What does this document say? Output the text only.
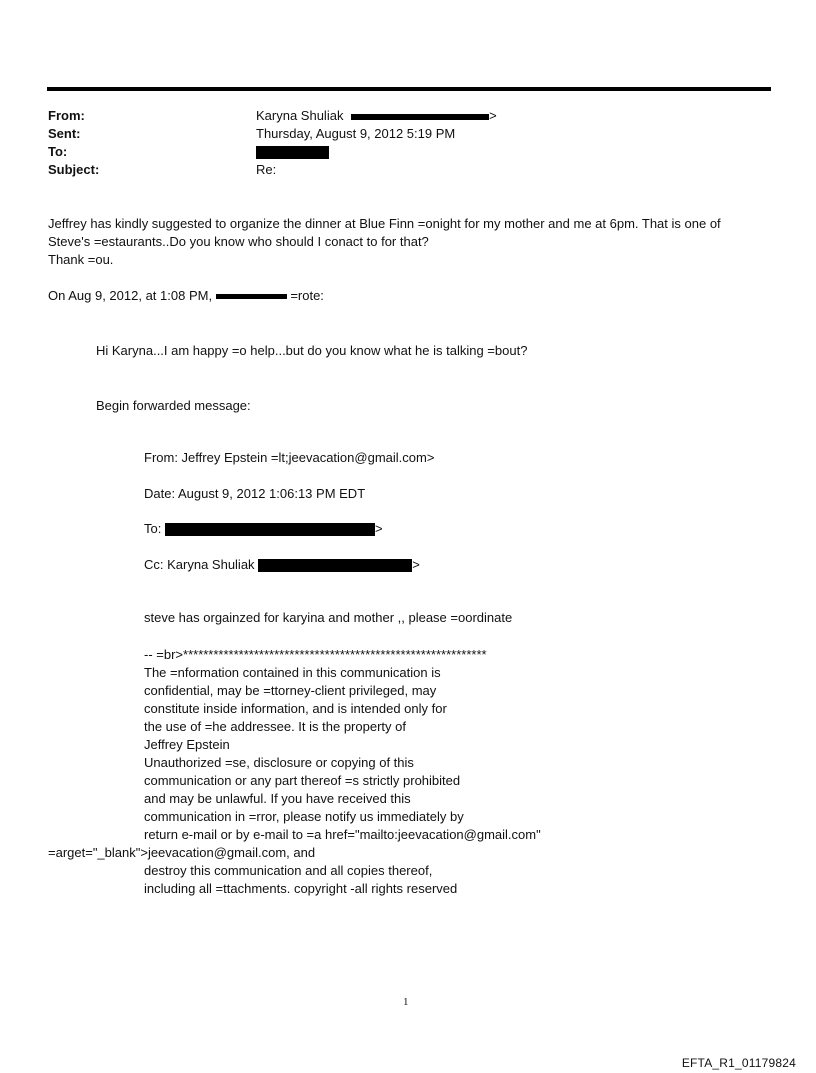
From:	Karyna Shuliak	>
Sent:	Thursday, August 9, 2012 5:19 PM
To:
Subject:	Re:
Jeffrey has kindly suggested to organize the dinner at Blue Finn =onight for my mother and me at 6pm. That is one of
Steve's =estaurants..Do you know who should I conact to for that?
Thank =ou.
On Aug 9, 2012, at 1:08 PM,	=rote:
Hi Karyna...I am happy =o help...but do you know what he is talking =bout?
Begin forwarded message:
From: Jeffrey Epstein =lt;jeevacation@gmail.com>
Date: August 9, 2012 1:06:13 PM EDT
To:	>
Cc: Karyna Shuliak	>
steve has orgainzed for karyina and mother ,, please =oordinate
-- =br>************************************************************
The =nformation contained in this communication is
confidential, may be =ttorney-client privileged, may
constitute inside information, and is intended only for
the use of =he addressee. It is the property of
Jeffrey Epstein
Unauthorized =se, disclosure or copying of this
communication or any part thereof =s strictly prohibited
and may be unlawful. If you have received this
communication in =rror, please notify us immediately by
return e-mail or by e-mail to =a href="mailto:jeevacation@gmail.com"
=arget="_blank">jeevacation@gmail.com, and
destroy this communication and all copies thereof,
including all =ttachments. copyright -all rights reserved
1
EFTA_R1_01179824
